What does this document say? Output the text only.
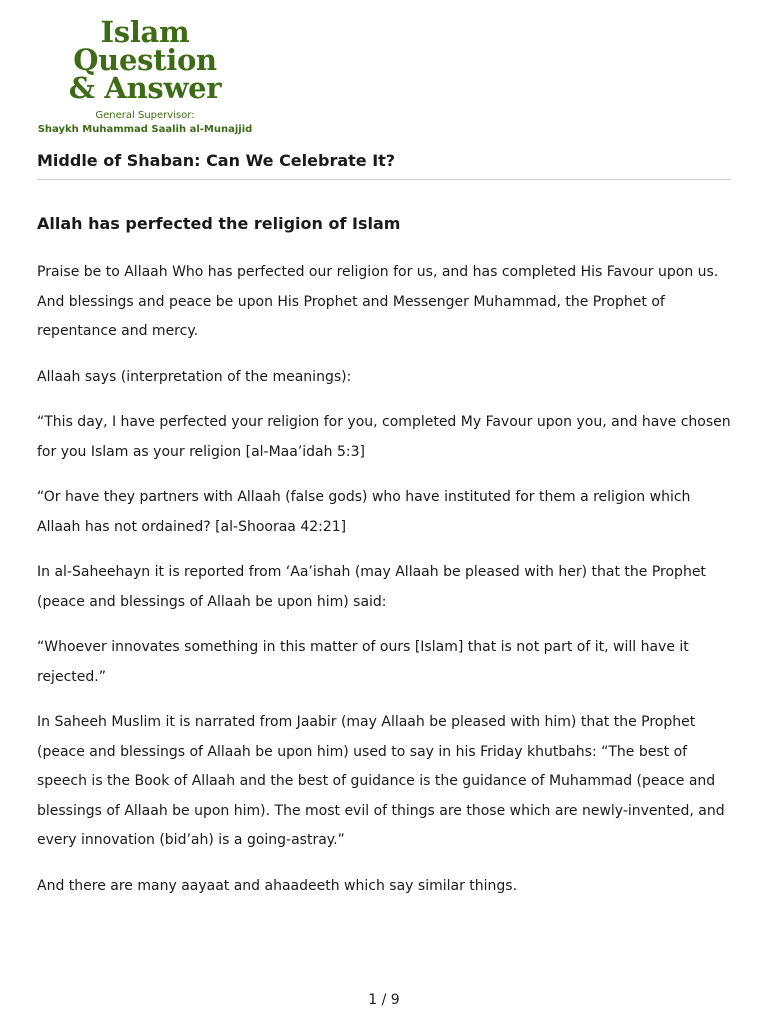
Islam Question
& Answer
General Supervisor:
Shaykh Muhammad Saalih al-Munajjid
Middle of Shaban: Can We Celebrate It?
Allah has perfected the religion of Islam

Praise be to Allaah Who has perfected our religion for us, and has completed His Favour upon us. And blessings and peace be upon His Prophet and Messenger Muhammad, the Prophet of repentance and mercy.

Allaah says (interpretation of the meanings):

“This day, I have perfected your religion for you, completed My Favour upon you, and have chosen for you Islam as your religion [al-Maa’idah 5:3]

“Or have they partners with Allaah (false gods) who have instituted for them a religion which Allaah has not ordained? [al-Shooraa 42:21]

In al-Saheehayn it is reported from ‘Aa’ishah (may Allaah be pleased with her) that the Prophet (peace and blessings of Allaah be upon him) said:

“Whoever innovates something in this matter of ours [Islam] that is not part of it, will have it rejected.”

In Saheeh Muslim it is narrated from Jaabir (may Allaah be pleased with him) that the Prophet (peace and blessings of Allaah be upon him) used to say in his Friday khutbahs: “The best of speech is the Book of Allaah and the best of guidance is the guidance of Muhammad (peace and blessings of Allaah be upon him). The most evil of things are those which are newly-invented, and every innovation (bid’ah) is a going-astray.”

And there are many aayaat and ahaadeeth which say similar things.

1 / 9
